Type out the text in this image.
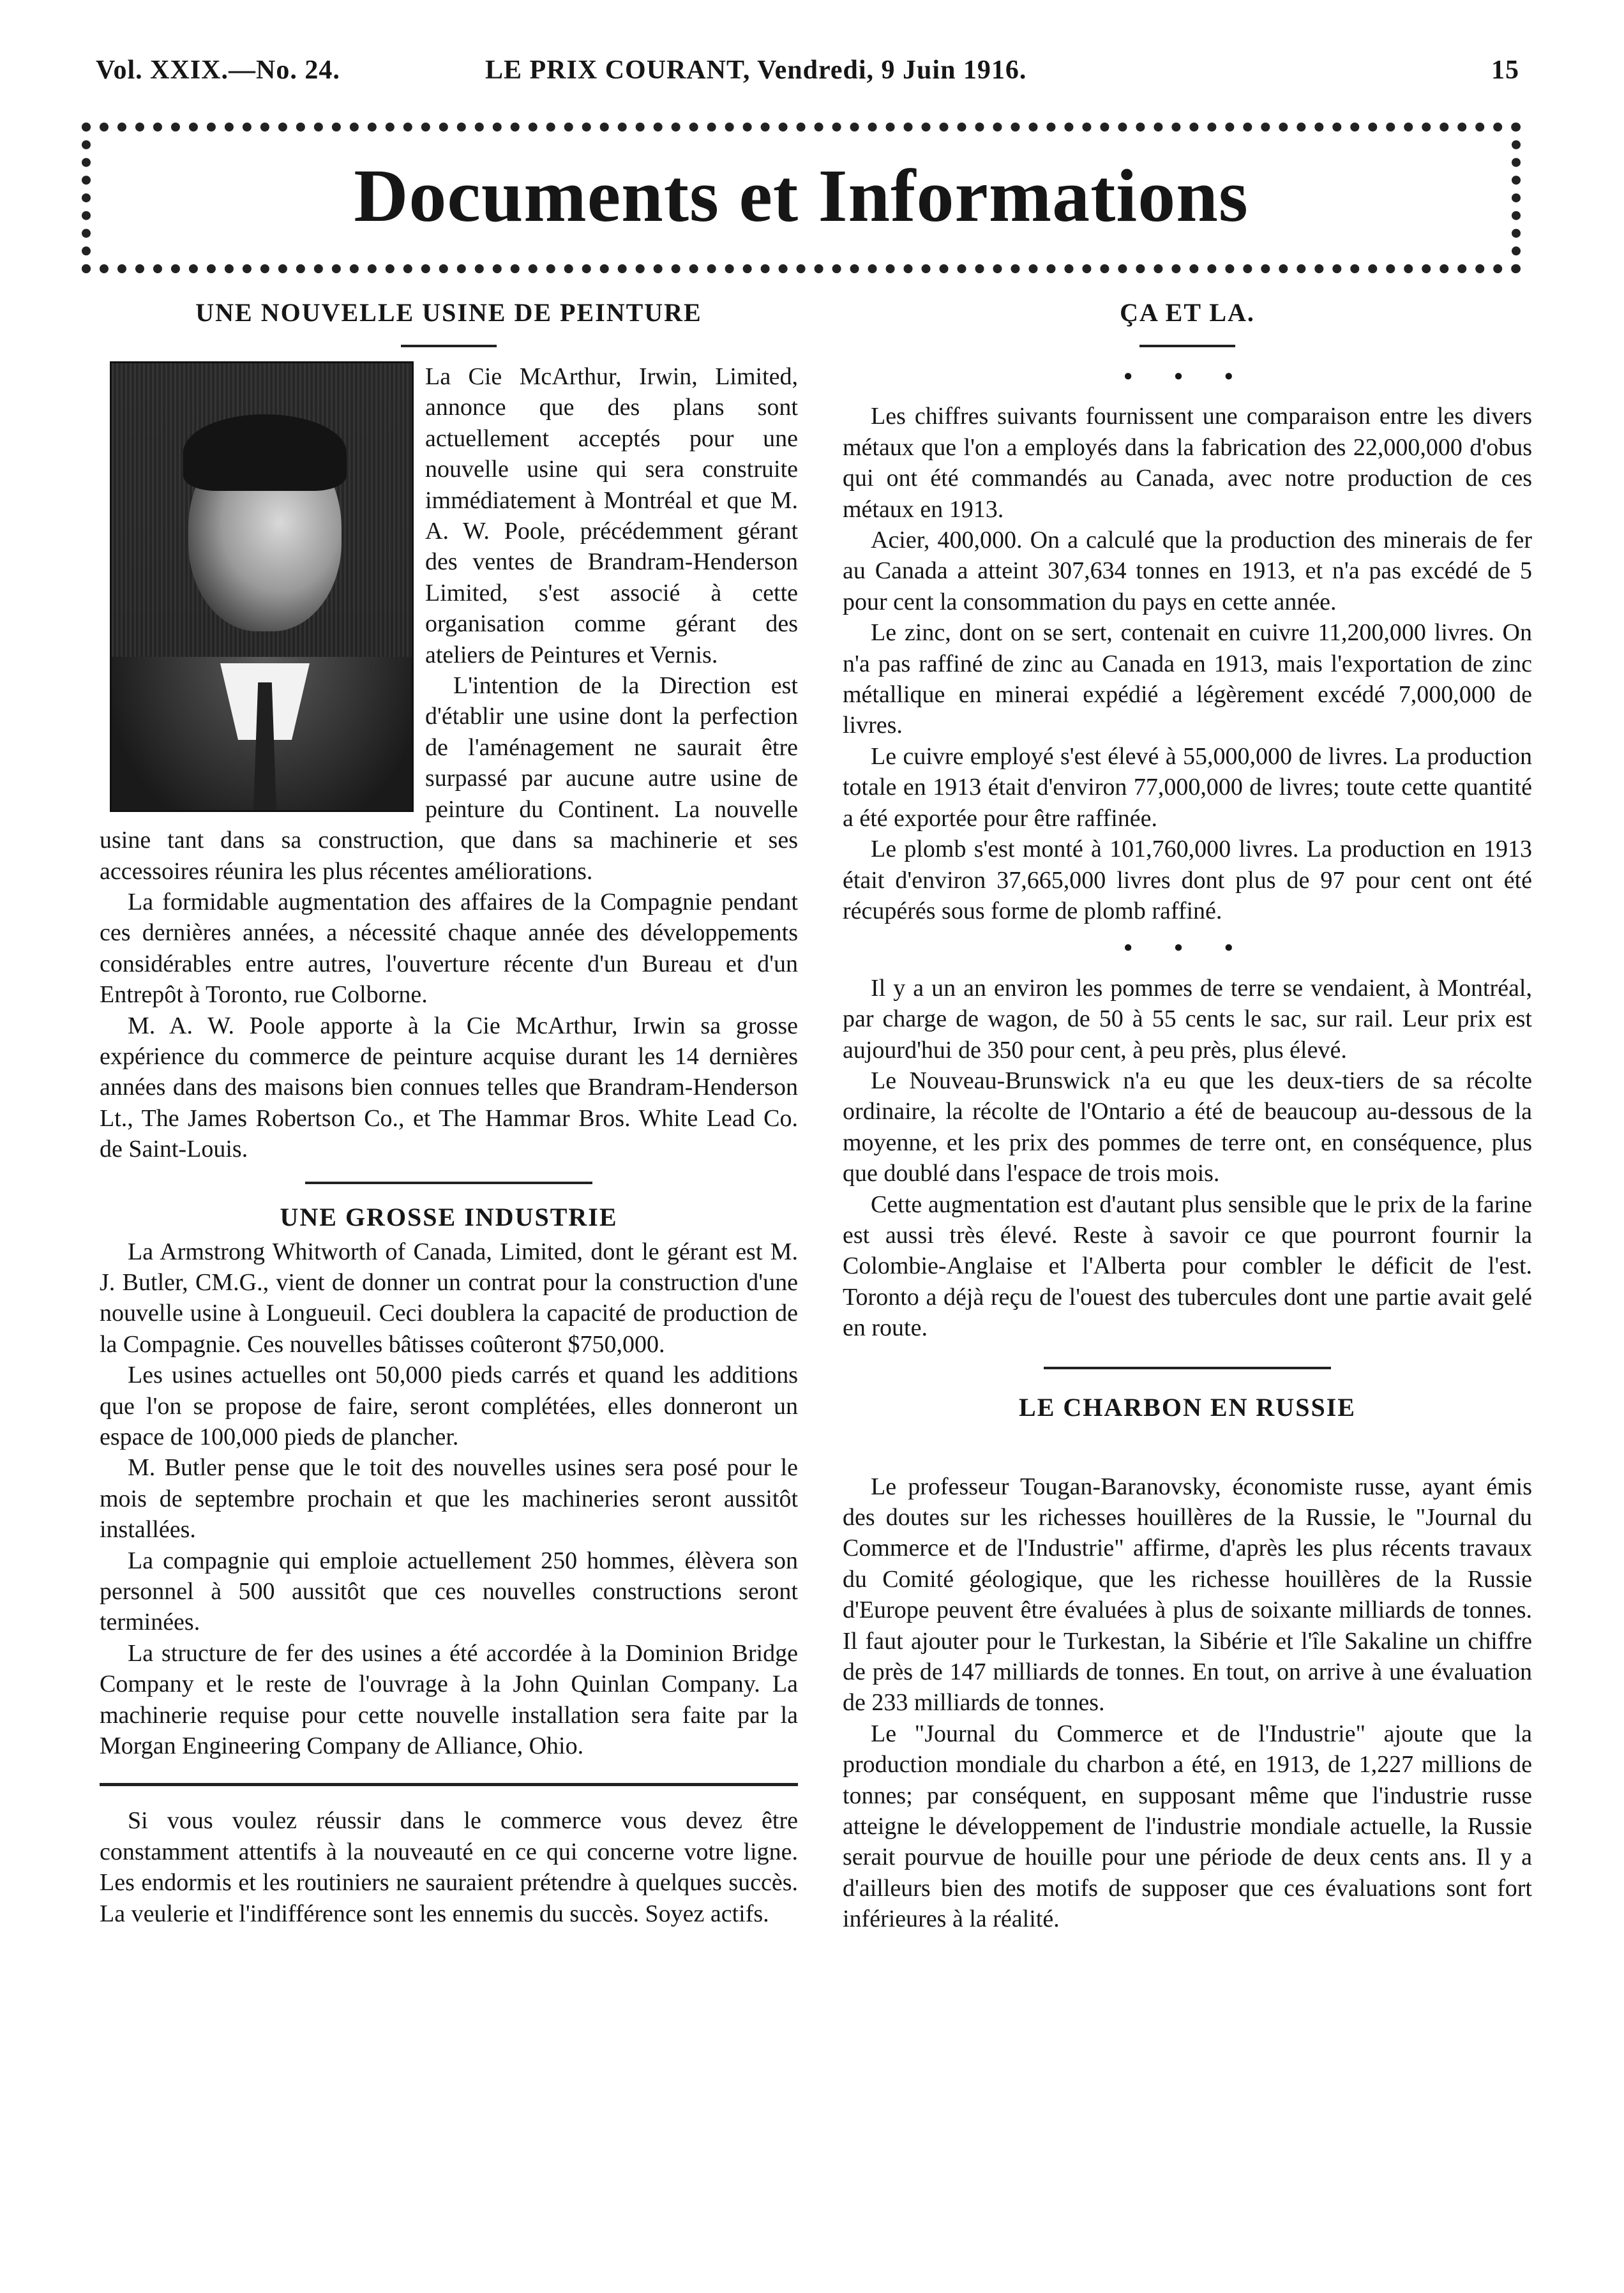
Vol. XXIX.—No. 24.	LE PRIX COURANT, Vendredi, 9 Juin 1916.	15
Documents et Informations
UNE NOUVELLE USINE DE PEINTURE

La Cie McArthur, Irwin, Limited, annonce que des plans sont actuellement acceptés pour une nouvelle usine qui sera construite immédiatement à Montréal et que M. A. W. Poole, précédemment gérant des ventes de Brandram-Henderson Limited, s'est associé à cette organisation comme gérant des ateliers de Peintures et Vernis.

L'intention de la Direction est d'établir une usine dont la perfection de l'aménagement ne saurait être surpassé par aucune autre usine de peinture du Continent. La nouvelle usine tant dans sa construction, que dans sa machinerie et ses accessoires réunira les plus récentes améliorations.

La formidable augmentation des affaires de la Compagnie pendant ces dernières années, a nécessité chaque année des développements considérables entre autres, l'ouverture récente d'un Bureau et d'un Entrepôt à Toronto, rue Colborne.

M. A. W. Poole apporte à la Cie McArthur, Irwin sa grosse expérience du commerce de peinture acquise durant les 14 dernières années dans des maisons bien connues telles que Brandram-Henderson Lt., The James Robertson Co., et The Hammar Bros. White Lead Co. de Saint-Louis.

UNE GROSSE INDUSTRIE

La Armstrong Whitworth of Canada, Limited, dont le gérant est M. J. Butler, CM.G., vient de donner un contrat pour la construction d'une nouvelle usine à Longueuil. Ceci doublera la capacité de production de la Compagnie. Ces nouvelles bâtisses coûteront $750,000.

Les usines actuelles ont 50,000 pieds carrés et quand les additions que l'on se propose de faire, seront complétées, elles donneront un espace de 100,000 pieds de plancher.

M. Butler pense que le toit des nouvelles usines sera posé pour le mois de septembre prochain et que les machineries seront aussitôt installées.

La compagnie qui emploie actuellement 250 hommes, élèvera son personnel à 500 aussitôt que ces nouvelles constructions seront terminées.

La structure de fer des usines a été accordée à la Dominion Bridge Company et le reste de l'ouvrage à la John Quinlan Company. La machinerie requise pour cette nouvelle installation sera faite par la Morgan Engineering Company de Alliance, Ohio.

Si vous voulez réussir dans le commerce vous devez être constamment attentifs à la nouveauté en ce qui concerne votre ligne. Les endormis et les routiniers ne sauraient prétendre à quelques succès. La veulerie et l'indifférence sont les ennemis du succès. Soyez actifs.

ÇA ET LA.
• • •

Les chiffres suivants fournissent une comparaison entre les divers métaux que l'on a employés dans la fabrication des 22,000,000 d'obus qui ont été commandés au Canada, avec notre production de ces métaux en 1913.

Acier, 400,000. On a calculé que la production des minerais de fer au Canada a atteint 307,634 tonnes en 1913, et n'a pas excédé de 5 pour cent la consommation du pays en cette année.

Le zinc, dont on se sert, contenait en cuivre 11,200,000 livres. On n'a pas raffiné de zinc au Canada en 1913, mais l'exportation de zinc métallique en minerai expédié a légèrement excédé 7,000,000 de livres.

Le cuivre employé s'est élevé à 55,000,000 de livres. La production totale en 1913 était d'environ 77,000,000 de livres; toute cette quantité a été exportée pour être raffinée.

Le plomb s'est monté à 101,760,000 livres. La production en 1913 était d'environ 37,665,000 livres dont plus de 97 pour cent ont été récupérés sous forme de plomb raffiné.

• • •

Il y a un an environ les pommes de terre se vendaient, à Montréal, par charge de wagon, de 50 à 55 cents le sac, sur rail. Leur prix est aujourd'hui de 350 pour cent, à peu près, plus élevé.

Le Nouveau-Brunswick n'a eu que les deux-tiers de sa récolte ordinaire, la récolte de l'Ontario a été de beaucoup au-dessous de la moyenne, et les prix des pommes de terre ont, en conséquence, plus que doublé dans l'espace de trois mois.

Cette augmentation est d'autant plus sensible que le prix de la farine est aussi très élevé. Reste à savoir ce que pourront fournir la Colombie-Anglaise et l'Alberta pour combler le déficit de l'est. Toronto a déjà reçu de l'ouest des tubercules dont une partie avait gelé en route.

LE CHARBON EN RUSSIE

Le professeur Tougan-Baranovsky, économiste russe, ayant émis des doutes sur les richesses houillères de la Russie, le "Journal du Commerce et de l'Industrie" affirme, d'après les plus récents travaux du Comité géologique, que les richesse houillères de la Russie d'Europe peuvent être évaluées à plus de soixante milliards de tonnes. Il faut ajouter pour le Turkestan, la Sibérie et l'île Sakaline un chiffre de près de 147 milliards de tonnes. En tout, on arrive à une évaluation de 233 milliards de tonnes.

Le "Journal du Commerce et de l'Industrie" ajoute que la production mondiale du charbon a été, en 1913, de 1,227 millions de tonnes; par conséquent, en supposant même que l'industrie russe atteigne le développement de l'industrie mondiale actuelle, la Russie serait pourvue de houille pour une période de deux cents ans. Il y a d'ailleurs bien des motifs de supposer que ces évaluations sont fort inférieures à la réalité.
